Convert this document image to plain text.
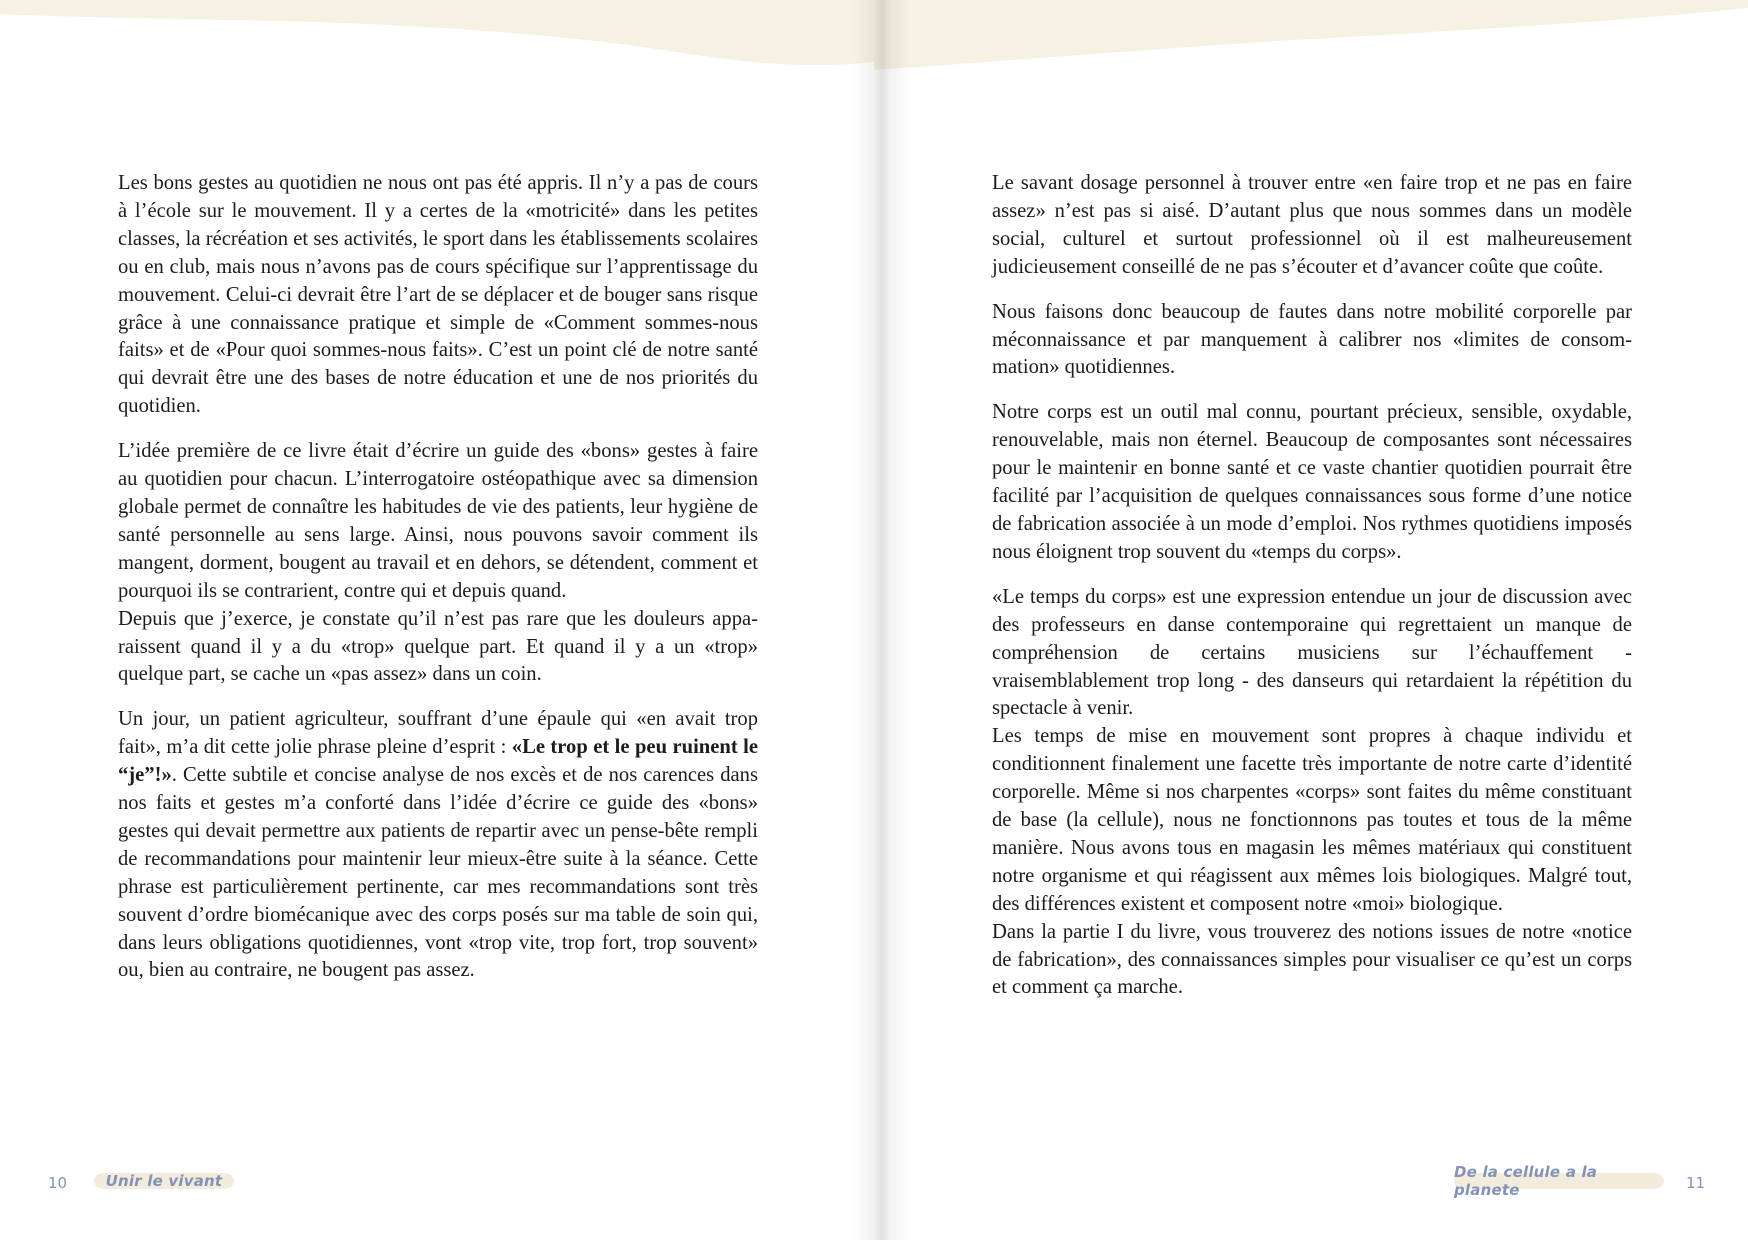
Les bons gestes au quotidien ne nous ont pas été appris. Il n’y a pas de cours à l’école sur le mouvement. Il y a certes de la «motricité» dans les petites classes, la récréation et ses activités, le sport dans les établissements scolaires ou en club, mais nous n’avons pas de cours spécifique sur l’apprentissage du mouvement. Celui-ci devrait être l’art de se déplacer et de bouger sans risque grâce à une connaissance pratique et simple de «Comment sommes-nous faits» et de «Pour quoi sommes-nous faits». C’est un point clé de notre santé qui devrait être une des bases de notre éducation et une de nos priorités du quotidien.

L’idée première de ce livre était d’écrire un guide des «bons» gestes à faire au quotidien pour chacun. L’interrogatoire ostéopathique avec sa dimension globale permet de connaître les habitudes de vie des patients, leur hygiène de santé personnelle au sens large. Ainsi, nous pouvons savoir comment ils mangent, dorment, bougent au travail et en dehors, se détendent, comment et pourquoi ils se contrarient, contre qui et depuis quand.

Depuis que j’exerce, je constate qu’il n’est pas rare que les douleurs apparaissent quand il y a du «trop» quelque part. Et quand il y a un «trop» quelque part, se cache un «pas assez» dans un coin.

Un jour, un patient agriculteur, souffrant d’une épaule qui «en avait trop fait», m’a dit cette jolie phrase pleine d’esprit : «Le trop et le peu ruinent le “je”!». Cette subtile et concise analyse de nos excès et de nos carences dans nos faits et gestes m’a conforté dans l’idée d’écrire ce guide des «bons» gestes qui devait permettre aux patients de repartir avec un pense-bête rempli de recommandations pour maintenir leur mieux-être suite à la séance. Cette phrase est particulièrement pertinente, car mes recommandations sont très souvent d’ordre biomécanique avec des corps posés sur ma table de soin qui, dans leurs obligations quotidiennes, vont «trop vite, trop fort, trop souvent» ou, bien au contraire, ne bougent pas assez.

10	Unir le vivant

Le savant dosage personnel à trouver entre «en faire trop et ne pas en faire assez» n’est pas si aisé. D’autant plus que nous sommes dans un modèle social, culturel et surtout professionnel où il est malheureusement judicieusement conseillé de ne pas s’écouter et d’avancer coûte que coûte.

Nous faisons donc beaucoup de fautes dans notre mobilité corporelle par méconnaissance et par manquement à calibrer nos «limites de consommation» quotidiennes.

Notre corps est un outil mal connu, pourtant précieux, sensible, oxydable, renouvelable, mais non éternel. Beaucoup de composantes sont nécessaires pour le maintenir en bonne santé et ce vaste chantier quotidien pourrait être facilité par l’acquisition de quelques connaissances sous forme d’une notice de fabrication associée à un mode d’emploi. Nos rythmes quotidiens imposés nous éloignent trop souvent du «temps du corps».

«Le temps du corps» est une expression entendue un jour de discussion avec des professeurs en danse contemporaine qui regrettaient un manque de compréhension de certains musiciens sur l’échauffement - vraisemblablement trop long - des danseurs qui retardaient la répétition du spectacle à venir.

Les temps de mise en mouvement sont propres à chaque individu et conditionnent finalement une facette très importante de notre carte d’identité corporelle. Même si nos charpentes «corps» sont faites du même constituant de base (la cellule), nous ne fonctionnons pas toutes et tous de la même manière. Nous avons tous en magasin les mêmes matériaux qui constituent notre organisme et qui réagissent aux mêmes lois biologiques. Malgré tout, des différences existent et composent notre «moi» biologique.

Dans la partie I du livre, vous trouverez des notions issues de notre «notice de fabrication», des connaissances simples pour visualiser ce qu’est un corps et comment ça marche.

De la cellule a la planete	11
